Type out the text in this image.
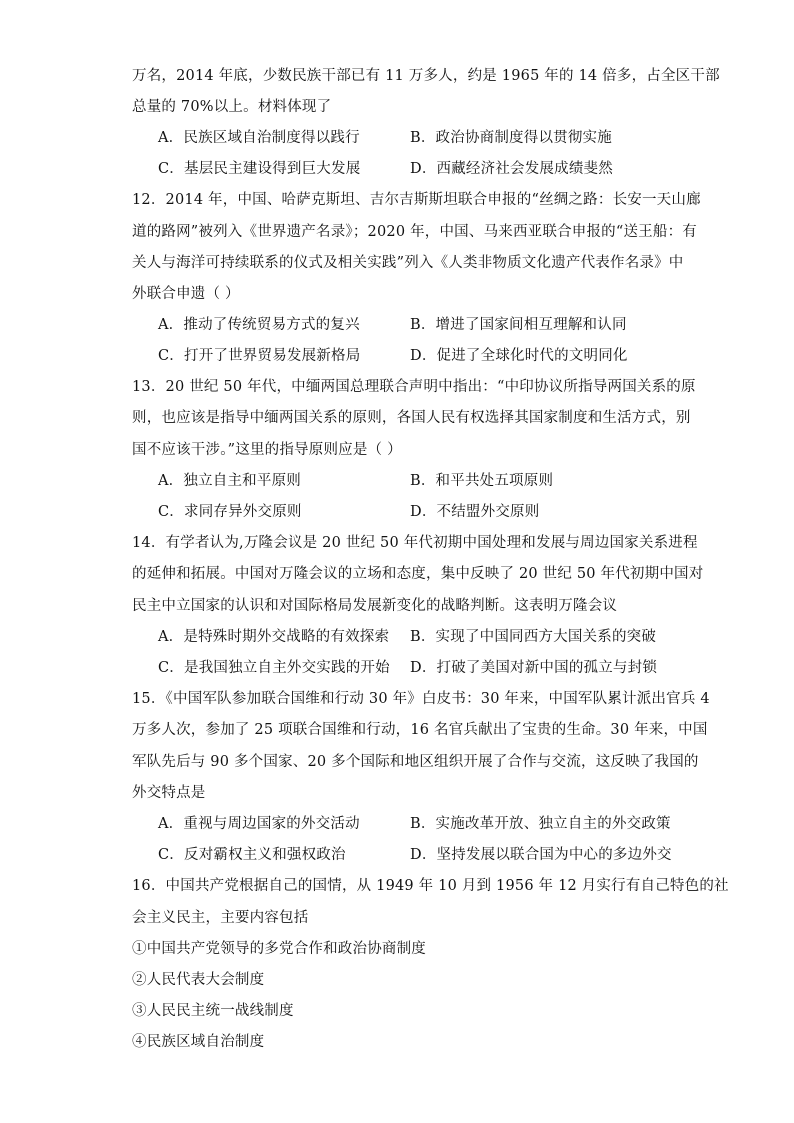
万名，2014 年底，少数民族干部已有 11 万多人，约是 1965 年的 14 倍多，占全区干部
总量的 70%以上。材料体现了
A．民族区域自治制度得以践行	B．政治协商制度得以贯彻实施
C．基层民主建设得到巨大发展	D．西藏经济社会发展成绩斐然
12．2014 年，中国、哈萨克斯坦、吉尔吉斯斯坦联合申报的“丝绸之路：长安一天山廊
道的路网”被列入《世界遗产名录》；2020 年，中国、马来西亚联合申报的“送王船：有
关人与海洋可持续联系的仪式及相关实践”列入《人类非物质文化遗产代表作名录》中
外联合申遗（ ）
A．推动了传统贸易方式的复兴	B．增进了国家间相互理解和认同
C．打开了世界贸易发展新格局	D．促进了全球化时代的文明同化
13．20 世纪 50 年代，中缅两国总理联合声明中指出：“中印协议所指导两国关系的原
则，也应该是指导中缅两国关系的原则，各国人民有权选择其国家制度和生活方式，别
国不应该干涉。”这里的指导原则应是（ ）
A．独立自主和平原则	B．和平共处五项原则
C．求同存异外交原则	D．不结盟外交原则
14．有学者认为,万隆会议是 20 世纪 50 年代初期中国处理和发展与周边国家关系进程
的延伸和拓展。中国对万隆会议的立场和态度，集中反映了 20 世纪 50 年代初期中国对
民主中立国家的认识和对国际格局发展新变化的战略判断。这表明万隆会议
A．是特殊时期外交战略的有效探索 B．实现了中国同西方大国关系的突破
C．是我国独立自主外交实践的开始 D．打破了美国对新中国的孤立与封锁
15．《中国军队参加联合国维和行动 30 年》白皮书：30 年来，中国军队累计派出官兵 4
万多人次，参加了 25 项联合国维和行动，16 名官兵献出了宝贵的生命。30 年来，中国
军队先后与 90 多个国家、20 多个国际和地区组织开展了合作与交流，这反映了我国的
外交特点是
A．重视与周边国家的外交活动	B．实施改革开放、独立自主的外交政策
C．反对霸权主义和强权政治	D．坚持发展以联合国为中心的多边外交
16．中国共产党根据自己的国情，从 1949 年 10 月到 1956 年 12 月实行有自己特色的社
会主义民主，主要内容包括
①中国共产党领导的多党合作和政治协商制度
②人民代表大会制度
③人民民主统一战线制度
④民族区域自治制度
